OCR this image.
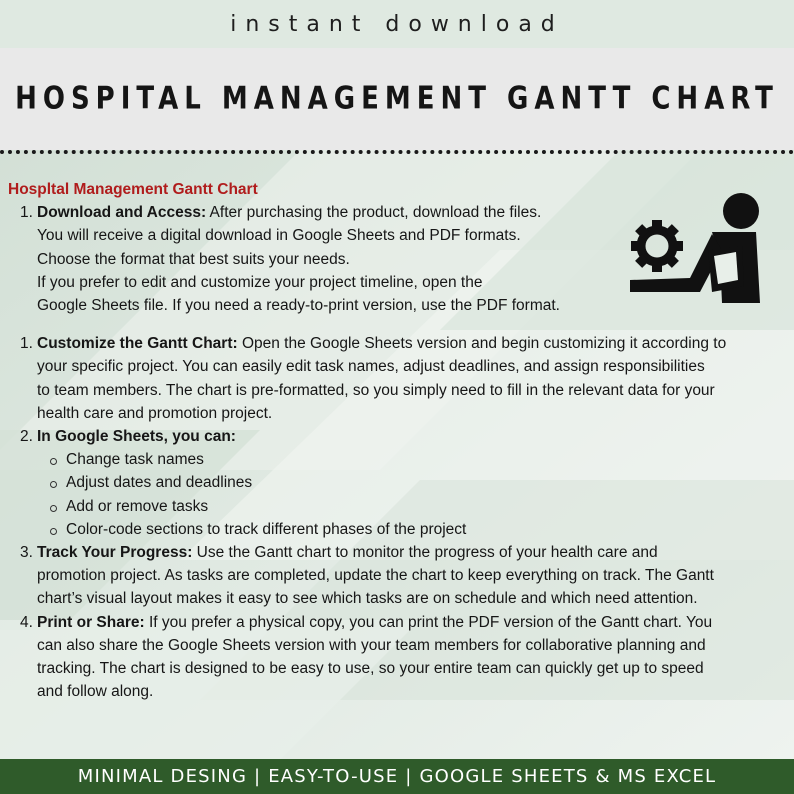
instant download
HOSPITAL MANAGEMENT GANTT CHART
Hospltal Management Gantt Chart
1. Download and Access: After purchasing the product, download the files.
You will receive a digital download in Google Sheets and PDF formats.
Choose the format that best suits your needs.
If you prefer to edit and customize your project timeline, open the
Google Sheets file. If you need a ready-to-print version, use the PDF format.
1. Customize the Gantt Chart: Open the Google Sheets version and begin customizing it according to
your specific project. You can easily edit task names, adjust deadlines, and assign responsibilities
to team members. The chart is pre-formatted, so you simply need to fill in the relevant data for your
health care and promotion project.
2. In Google Sheets, you can:
Change task names
Adjust dates and deadlines
Add or remove tasks
Color-code sections to track different phases of the project
3. Track Your Progress: Use the Gantt chart to monitor the progress of your health care and
promotion project. As tasks are completed, update the chart to keep everything on track. The Gantt
chart’s visual layout makes it easy to see which tasks are on schedule and which need attention.
4. Print or Share: If you prefer a physical copy, you can print the PDF version of the Gantt chart. You
can also share the Google Sheets version with your team members for collaborative planning and
tracking. The chart is designed to be easy to use, so your entire team can quickly get up to speed
and follow along.
MINIMAL DESING | EASY-TO-USE | GOOGLE SHEETS & MS EXCEL
